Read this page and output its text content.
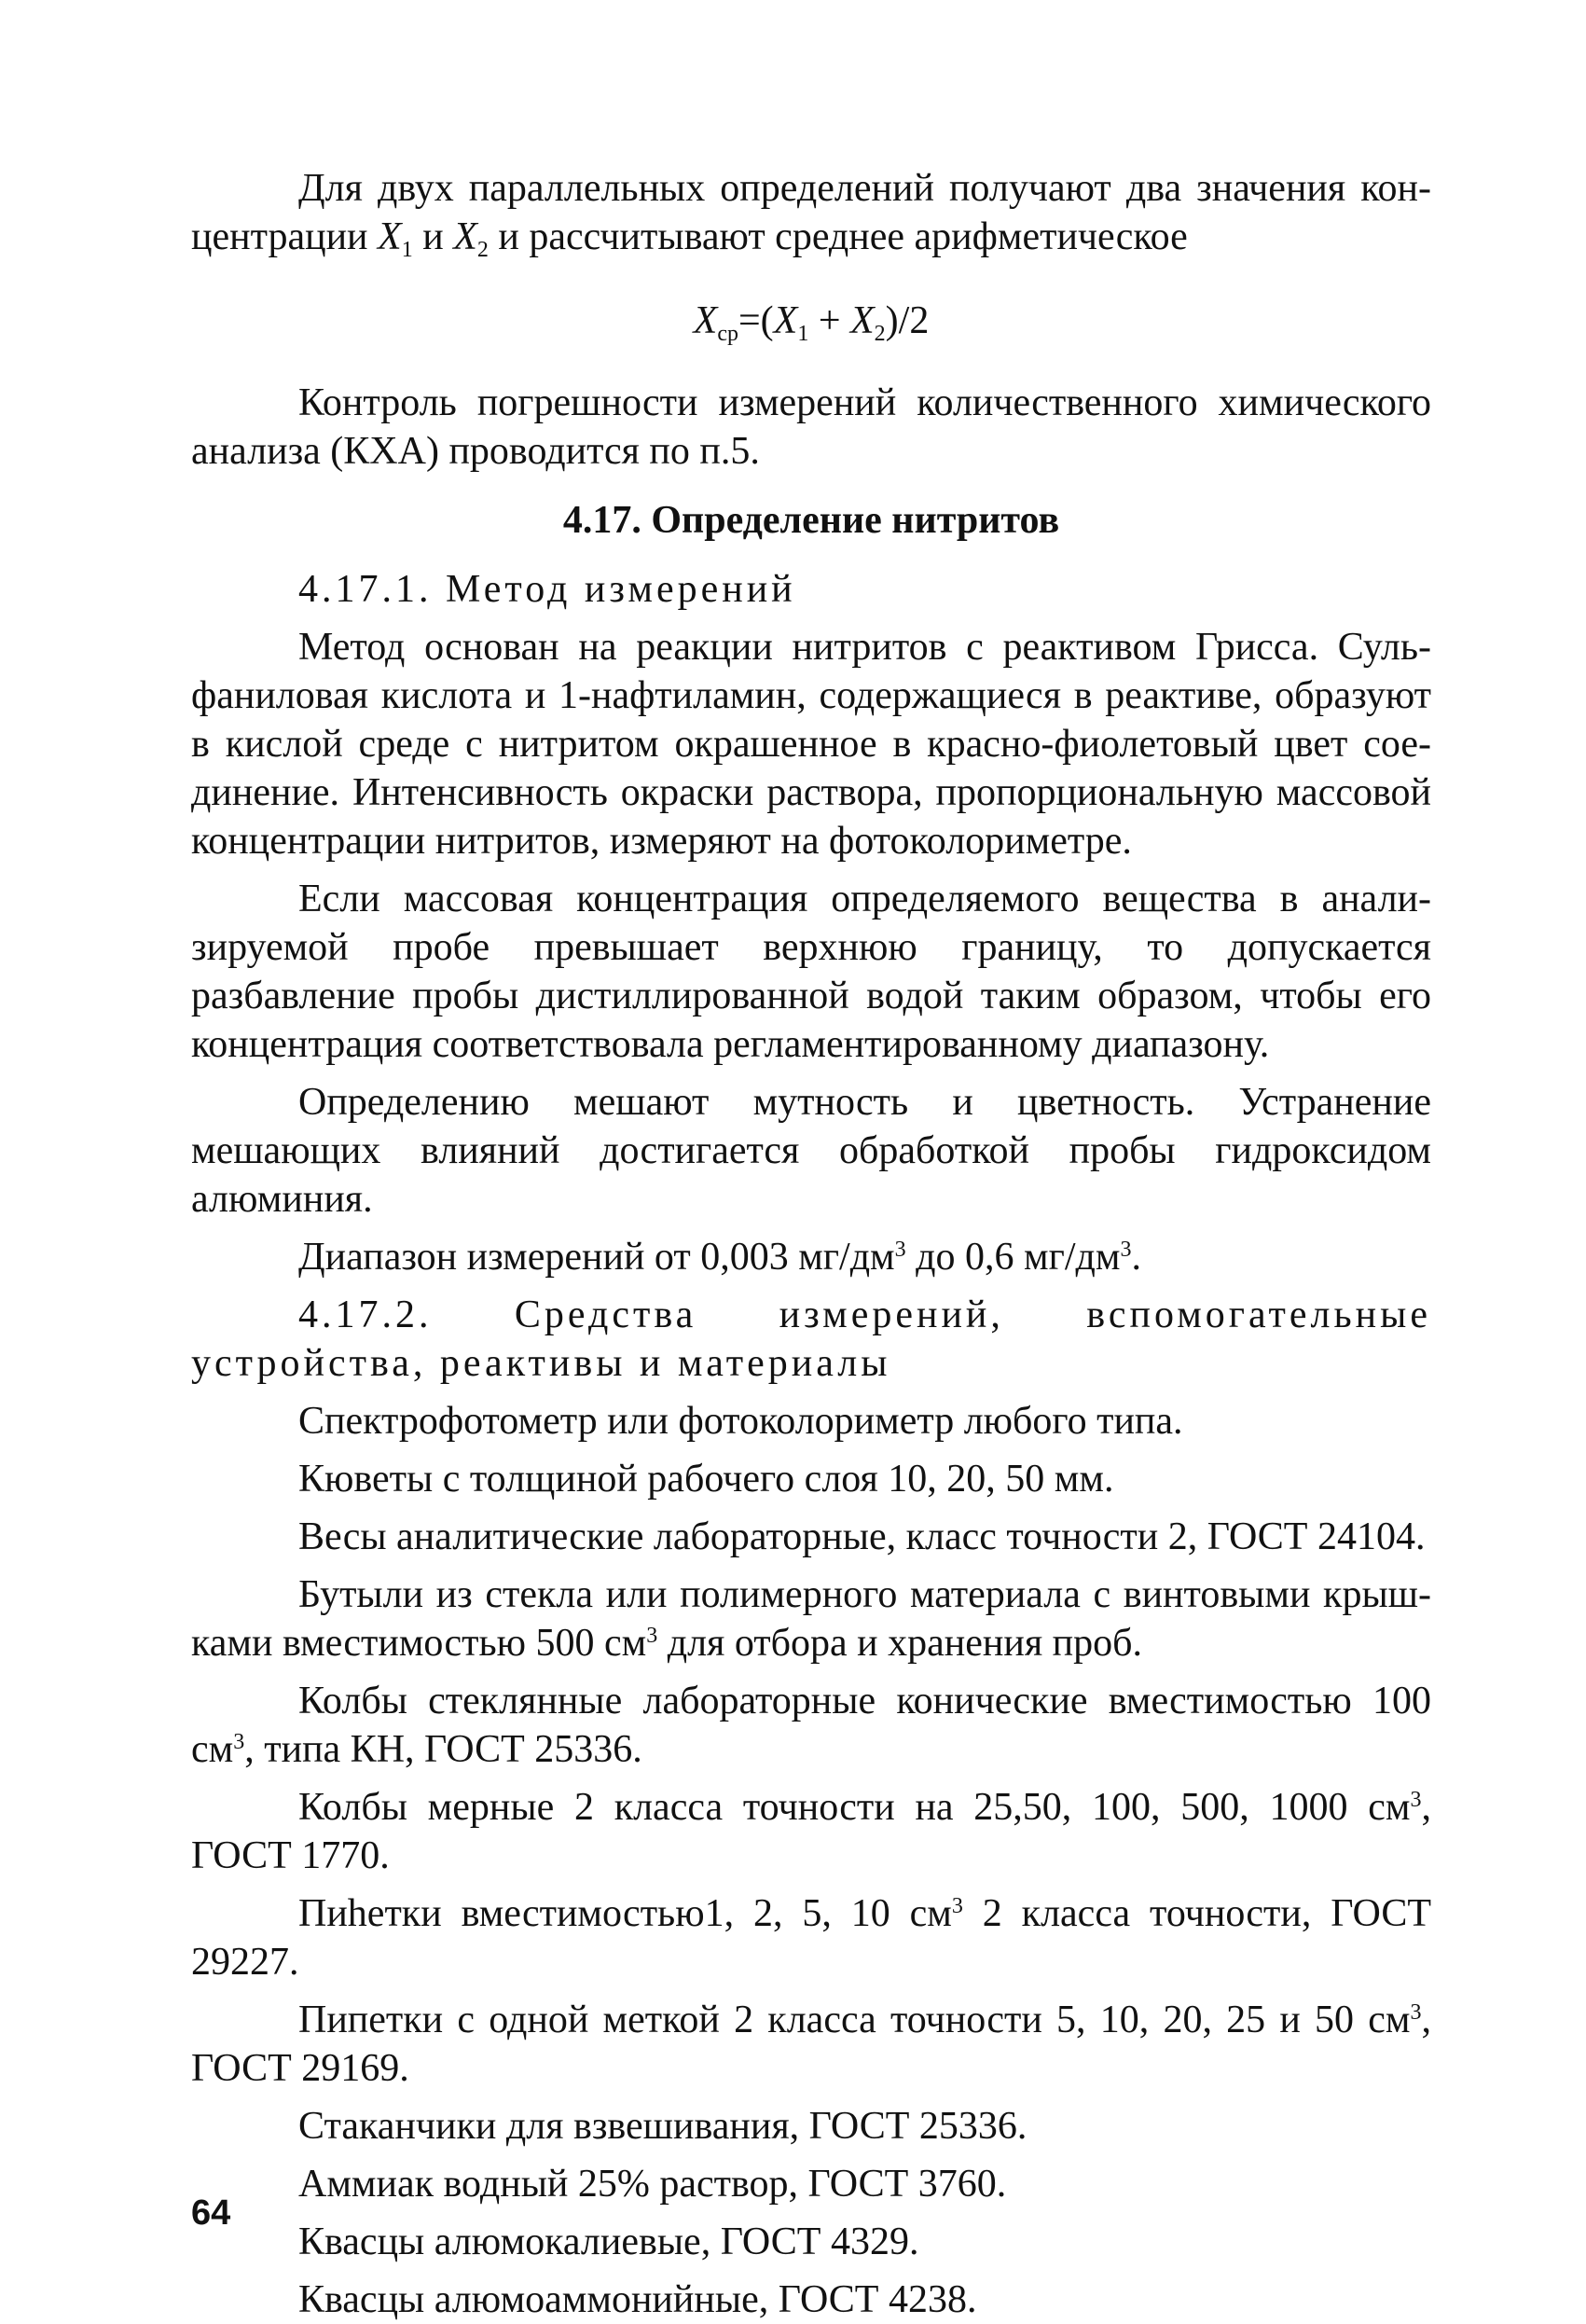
Для двух параллельных определений получают два значения кон-центрации $X_1$ и $X_2$ и рассчитывают среднее арифметическое

$X_{ср}=(X_1 + X_2)/2$

Контроль погрешности измерений количественного химического анализа (КХА) проводится по п.5.

4.17. Определение нитритов

4.17.1. Метод измерений

Метод основан на реакции нитритов с реактивом Грисса. Суль-фаниловая кислота и 1-нафтиламин, содержащиеся в реактиве, образуют в кислой среде с нитритом окрашенное в красно-фиолетовый цвет сое-динение. Интенсивность окраски раствора, пропорциональную массовой концентрации нитритов, измеряют на фотоколориметре.

Если массовая концентрация определяемого вещества в анали-зируемой пробе превышает верхнюю границу, то допускается разбавление пробы дистиллированной водой таким образом, чтобы его концентрация соответствовала регламентированному диапазону.

Определению мешают мутность и цветность. Устранение мешающих влияний достигается обработкой пробы гидроксидом алюминия.

Диапазон измерений от 0,003 $мг/дм^3$ до 0,6 $мг/дм^3$.

4.17.2. Средства измерений, вспомогательные устройства, реактивы и материалы

Спектрофотометр или фотоколориметр любого типа.

Кюветы с толщиной рабочего слоя 10, 20, 50 мм.

Весы аналитические лабораторные, класс точности 2, ГОСТ 24104.

Бутыли из стекла или полимерного материала с винтовыми крыш-ками вместимостью 500 $см^3$ для отбора и хранения проб.

Колбы стеклянные лабораторные конические вместимостью 100 $см^3$, типа КН, ГОСТ 25336.

Колбы мерные 2 класса точности на 25,50, 100, 500, 1000 $см^3$, ГОСТ 1770.

Пиhетки вместимостью1, 2, 5, 10 $см^3$ 2 класса точности, ГОСТ 29227.

Пипетки с одной меткой 2 класса точности 5, 10, 20, 25 и 50 $см^3$, ГОСТ 29169.

Стаканчики для взвешивания, ГОСТ 25336.

Аммиак водный 25% раствор, ГОСТ 3760.

Квасцы алюмокалиевые, ГОСТ 4329.

Квасцы алюмоаммонийные, ГОСТ 4238.

64
